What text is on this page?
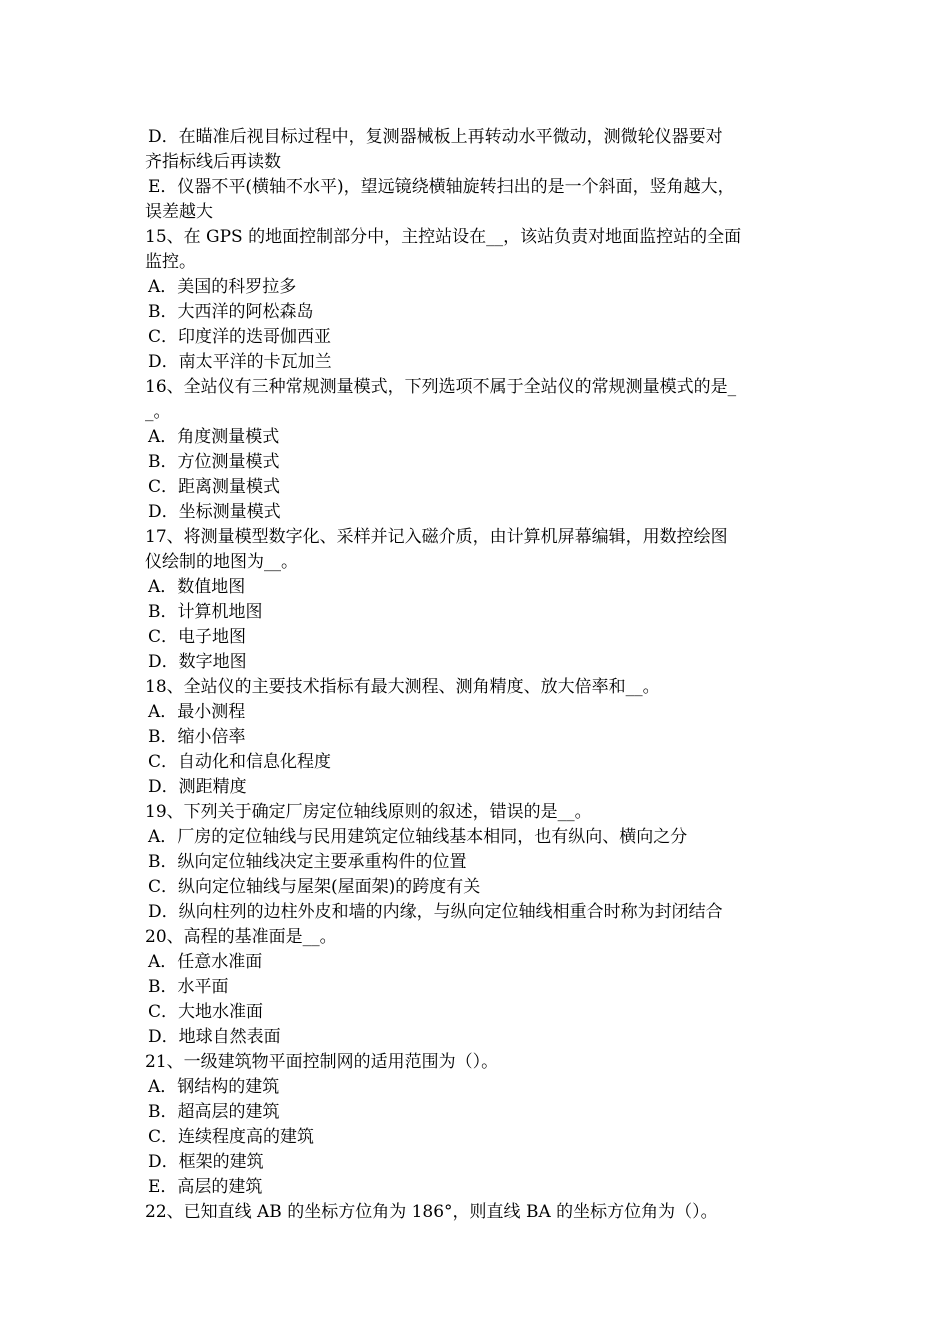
D．在瞄准后视目标过程中，复测器械板上再转动水平微动，测微轮仪器要对
齐指标线后再读数
E．仪器不平(横轴不水平)，望远镜绕横轴旋转扫出的是一个斜面，竖角越大，
误差越大
15、在 GPS 的地面控制部分中，主控站设在__，该站负责对地面监控站的全面
监控。
A．美国的科罗拉多
B．大西洋的阿松森岛
C．印度洋的迭哥伽西亚
D．南太平洋的卡瓦加兰
16、全站仪有三种常规测量模式，下列选项不属于全站仪的常规测量模式的是_
_。
A．角度测量模式
B．方位测量模式
C．距离测量模式
D．坐标测量模式
17、将测量模型数字化、采样并记入磁介质，由计算机屏幕编辑，用数控绘图
仪绘制的地图为__。
A．数值地图
B．计算机地图
C．电子地图
D．数字地图
18、全站仪的主要技术指标有最大测程、测角精度、放大倍率和__。
A．最小测程
B．缩小倍率
C．自动化和信息化程度
D．测距精度
19、下列关于确定厂房定位轴线原则的叙述，错误的是__。
A．厂房的定位轴线与民用建筑定位轴线基本相同，也有纵向、横向之分
B．纵向定位轴线决定主要承重构件的位置
C．纵向定位轴线与屋架(屋面架)的跨度有关
D．纵向柱列的边柱外皮和墙的内缘，与纵向定位轴线相重合时称为封闭结合
20、高程的基准面是__。
A．任意水准面
B．水平面
C．大地水准面
D．地球自然表面
21、一级建筑物平面控制网的适用范围为（）。
A．钢结构的建筑
B．超高层的建筑
C．连续程度高的建筑
D．框架的建筑
E．高层的建筑
22、已知直线 AB 的坐标方位角为 186°，则直线 BA 的坐标方位角为（）。
